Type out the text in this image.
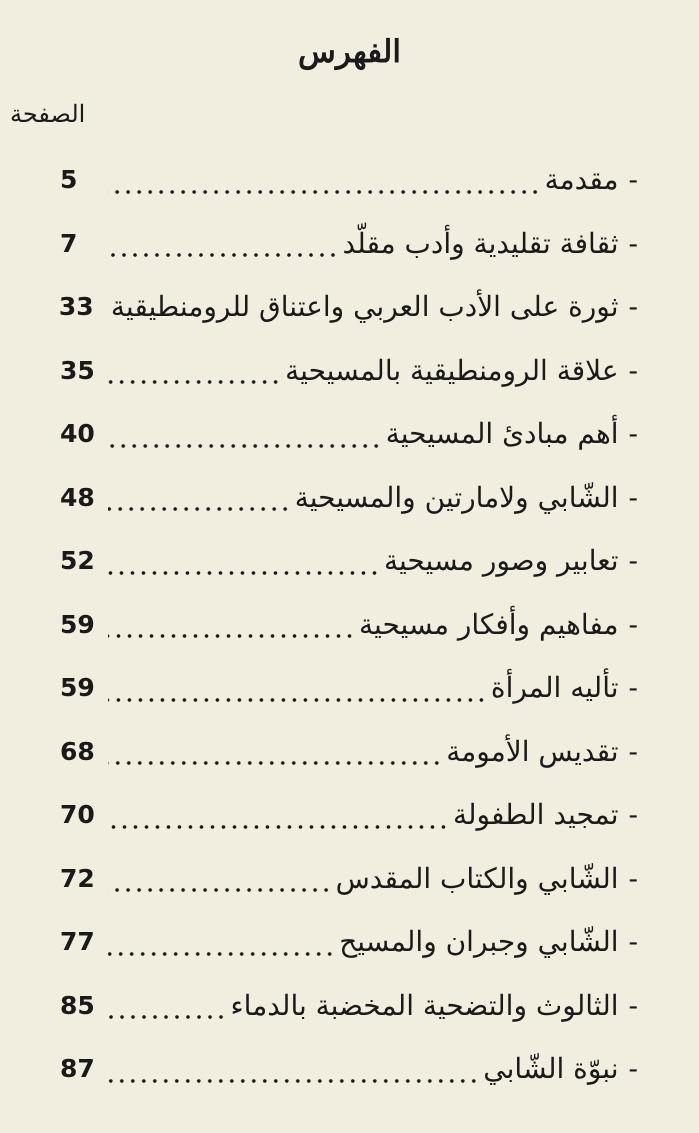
الفهرس
الصفحة
-
مقدمة
5
-
ثقافة تقليدية وأدب مقلّد
7
-
ثورة على الأدب العربي واعتناق للرومنطيقية
33
-
علاقة الرومنطيقية بالمسيحية
35
-
أهم مبادئ المسيحية
40
-
الشّابي ولامارتين والمسيحية
48
-
تعابير وصور مسيحية
52
-
مفاهيم وأفكار مسيحية
59
-
تأليه المرأة
59
-
تقديس الأمومة
68
-
تمجيد الطفولة
70
-
الشّابي والكتاب المقدس
72
-
الشّابي وجبران والمسيح
77
-
الثالوث والتضحية المخضبة بالدماء
85
-
نبوّة الشّابي
87
